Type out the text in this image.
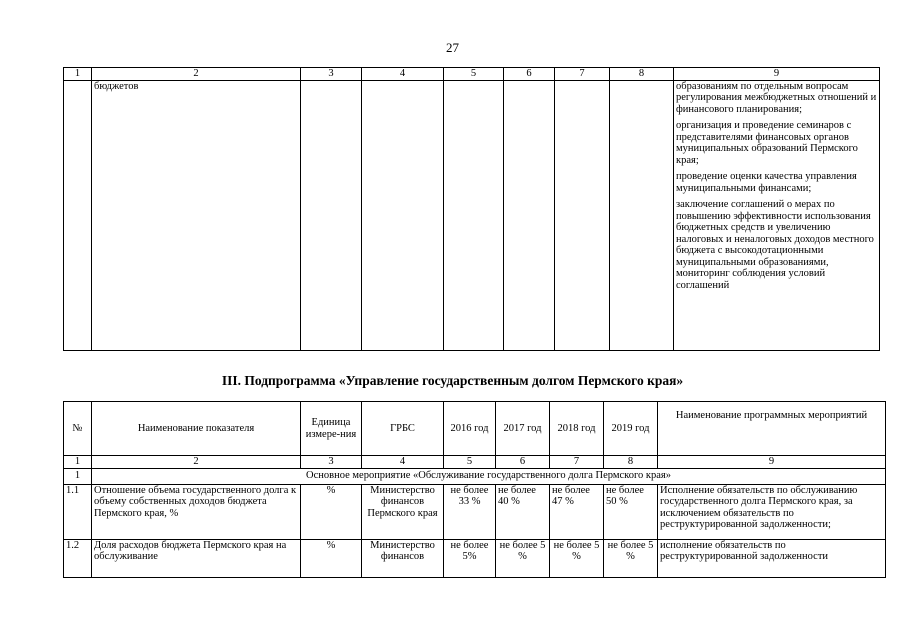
27
1	2	3	4	5	6	7	8	9
	бюджетов							образованиям по отдельным вопросам регулирования межбюджетных отношений и финансового планирования;
организация и проведение семинаров с представителями финансовых органов муниципальных образований Пермского края;
проведение оценки качества управления муниципальными финансами;
заключение соглашений о мерах по повышению эффективности использования бюджетных средств и увеличению налоговых и неналоговых доходов местного бюджета с высокодотационными муниципальными образованиями, мониторинг соблюдения условий соглашений
III. Подпрограмма «Управление государственным долгом Пермского края»
№	Наименование показателя	Единица измере-ния	ГРБС	2016 год	2017 год	2018 год	2019 год	Наименование программных мероприятий
1	2	3	4	5	6	7	8	9
1	Основное мероприятие «Обслуживание государственного долга Пермского края»							
1.1	Отношение объема государственного долга к объему собственных доходов бюджета Пермского края, %	%	Министерство финансов Пермского края	не более 33 %	не более 40 %	не более 47 %	не более 50 %	Исполнение обязательств по обслуживанию государственного долга Пермского края, за исключением обязательств по реструктурированной задолженности;
1.2	Доля расходов бюджета Пермского края на обслуживание	%	Министерство финансов	не более 5%	не более 5 %	не более 5 %	не более 5 %	исполнение обязательств по реструктурированной задолженности
